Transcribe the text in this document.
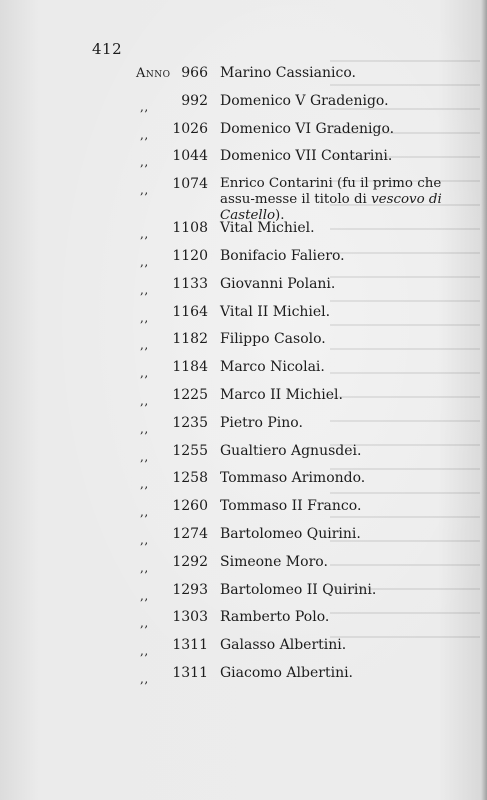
412
Anno 966 Marino Cassianico.
,,	992 Domenico V Gradenigo.
,,	1026 Domenico VI Gradenigo.
,,	1044 Domenico VII Contarini.
,,	1074 Enrico Contarini (fu il primo che assu-messe il titolo di vescovo di Castello).
,,	1108 Vital Michiel.
,,	1120 Bonifacio Faliero.
,,	1133 Giovanni Polani.
,,	1164 Vital II Michiel.
,,	1182 Filippo Casolo.
,,	1184 Marco Nicolai.
,,	1225 Marco II Michiel.
,,	1235 Pietro Pino.
,,	1255 Gualtiero Agnusdei.
,,	1258 Tommaso Arimondo.
,,	1260 Tommaso II Franco.
,,	1274 Bartolomeo Quirini.
,,	1292 Simeone Moro.
,,	1293 Bartolomeo II Quirini.
,,	1303 Ramberto Polo.
,,	1311 Galasso Albertini.
,,	1311 Giacomo Albertini.
